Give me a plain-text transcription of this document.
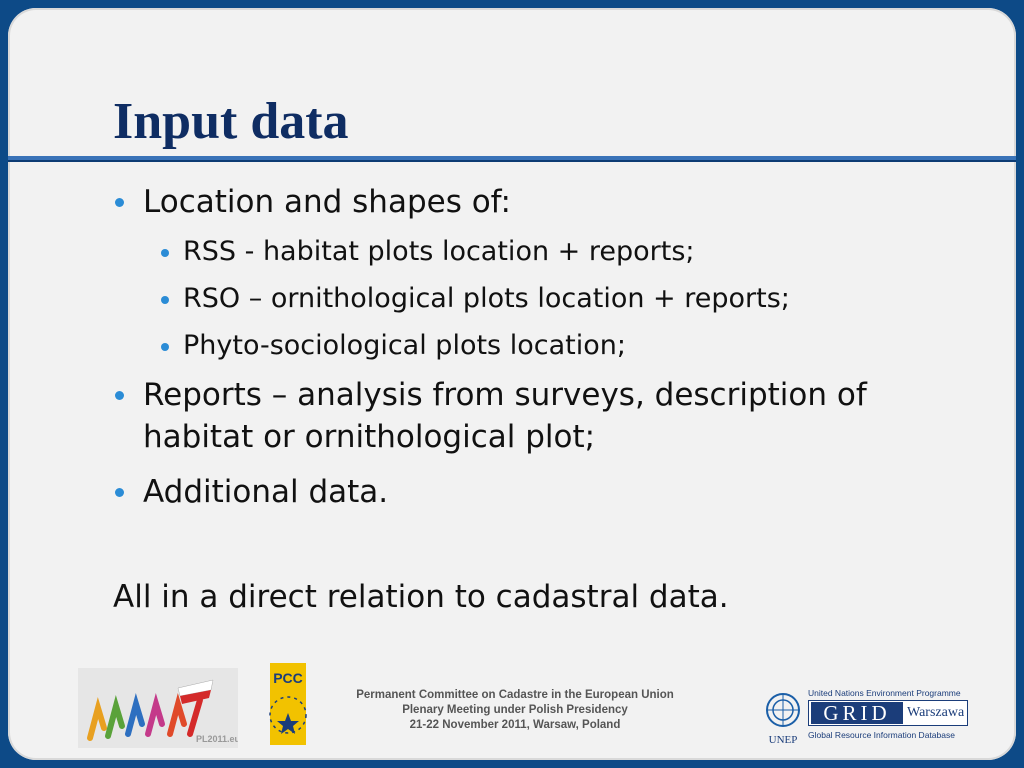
Input data
Location and shapes of:
RSS - habitat plots location + reports;
RSO – ornithological plots location + reports;
Phyto-sociological plots location;
Reports – analysis from surveys, description of habitat or ornithological plot;
Additional data.
All in a direct relation to cadastral data.
PL2011.eu
PCC
Permanent Committee on Cadastre in the European Union
Plenary Meeting under Polish Presidency
21-22 November 2011, Warsaw, Poland
UNEP
United Nations Environment Programme
GRID	Warszawa
Global Resource Information Database
